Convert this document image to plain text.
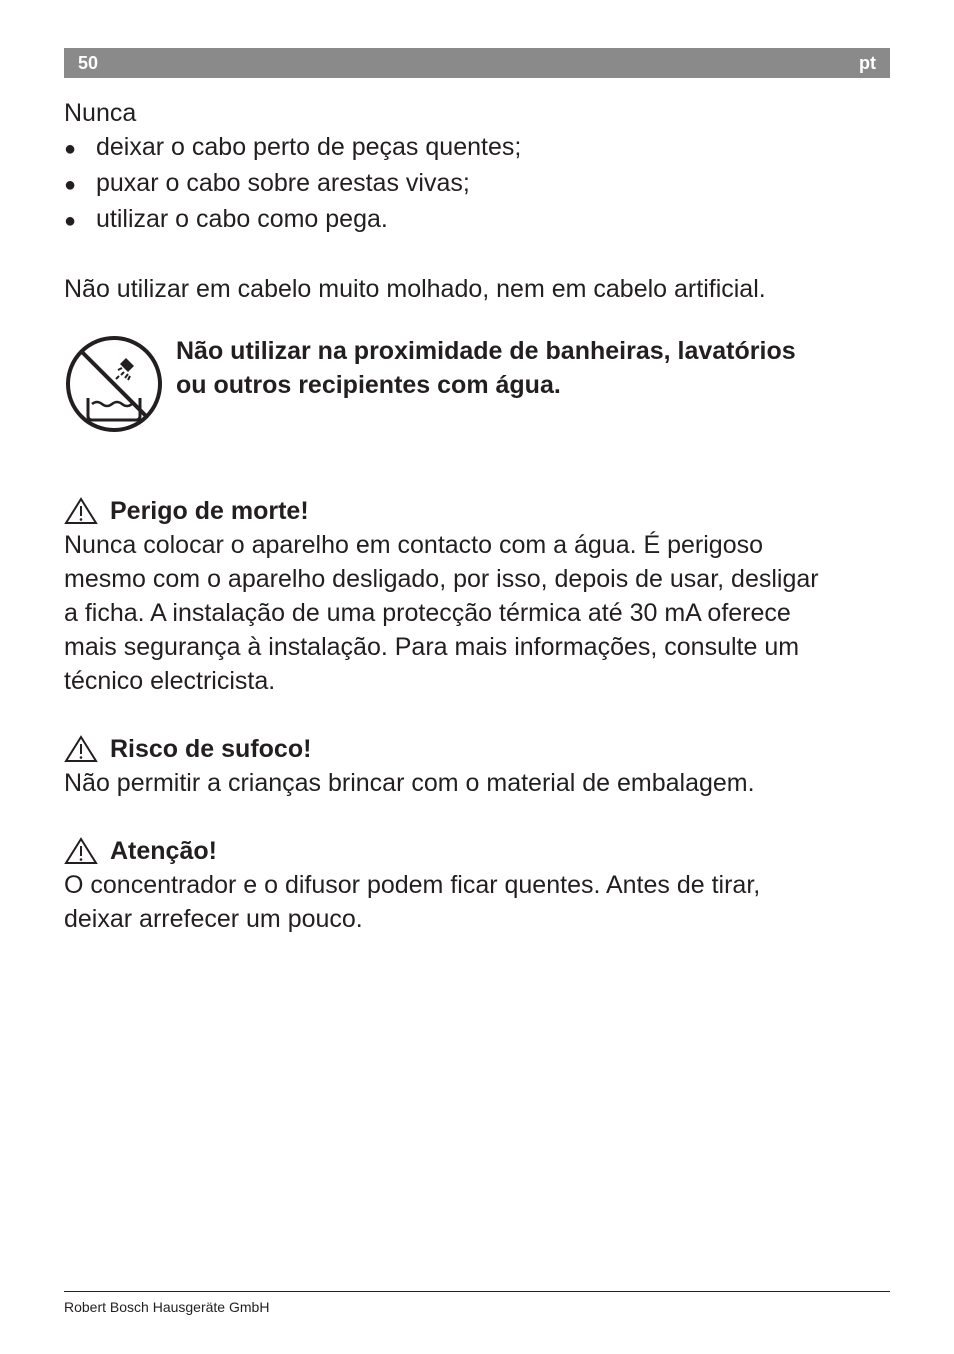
50	pt

Nunca

● deixar o cabo perto de peças quentes;
● puxar o cabo sobre arestas vivas;
● utilizar o cabo como pega.

Não utilizar em cabelo muito molhado, nem em cabelo artificial.

Não utilizar na proximidade de banheiras, lavatórios
ou outros recipientes com água.
Perigo de morte!
Nunca colocar o aparelho em contacto com a água. É perigoso
mesmo com o aparelho desligado, por isso, depois de usar, desligar
a ficha. A instalação de uma protecção térmica até 30 mA oferece
mais segurança à instalação. Para mais informações, consulte um
técnico electricista.
Risco de sufoco!
Não permitir a crianças brincar com o material de embalagem.
Atenção!
O concentrador e o difusor podem ficar quentes. Antes de tirar,
deixar arrefecer um pouco.
Robert Bosch Hausgeräte GmbH
